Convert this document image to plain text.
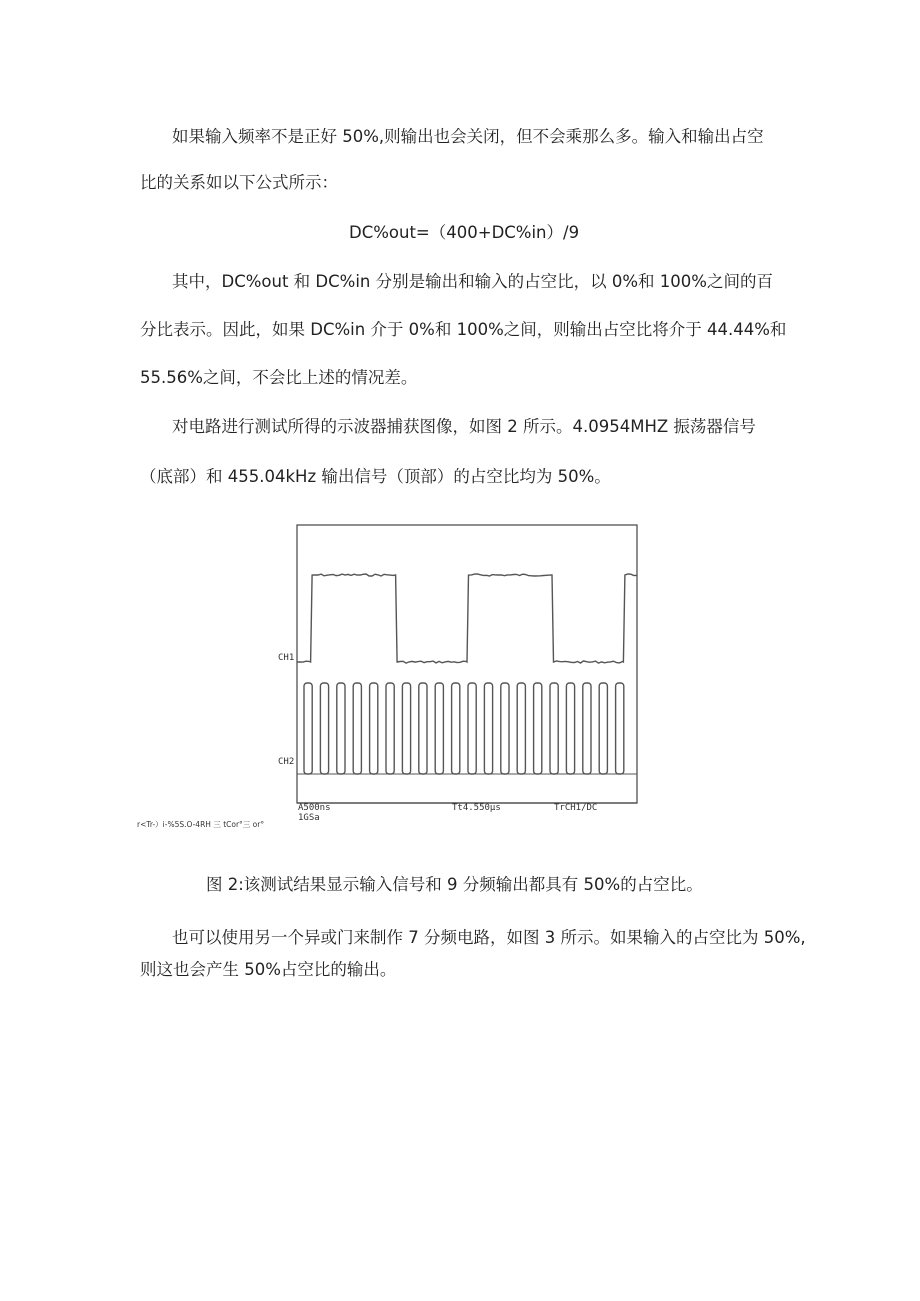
如果输入频率不是正好 50%,则输出也会关闭，但不会乘那么多。输入和输出占空
比的关系如以下公式所示：
DC%out=（400+DC%in）/9
其中，DC%out 和 DC%in 分别是输出和输入的占空比，以 0%和 100%之间的百
分比表示。因此，如果 DC%in 介于 0%和 100%之间，则输出占空比将介于 44.44%和
55.56%之间，不会比上述的情况差。
对电路进行测试所得的示波器捕获图像，如图 2 所示。4.0954MHZ 振荡器信号
（底部）和 455.04kHz 输出信号（顶部）的占空比均为 50%。
CH1
CH2
A500ns
1GSa
Tt4.550μs	TrCH1/DC
r<Tr-）i-%5S.O-4RH 三 tCor°三 or°
图 2:该测试结果显示输入信号和 9 分频输出都具有 50%的占空比。
也可以使用另一个异或门来制作 7 分频电路，如图 3 所示。如果输入的占空比为 50%,
则这也会产生 50%占空比的输出。
